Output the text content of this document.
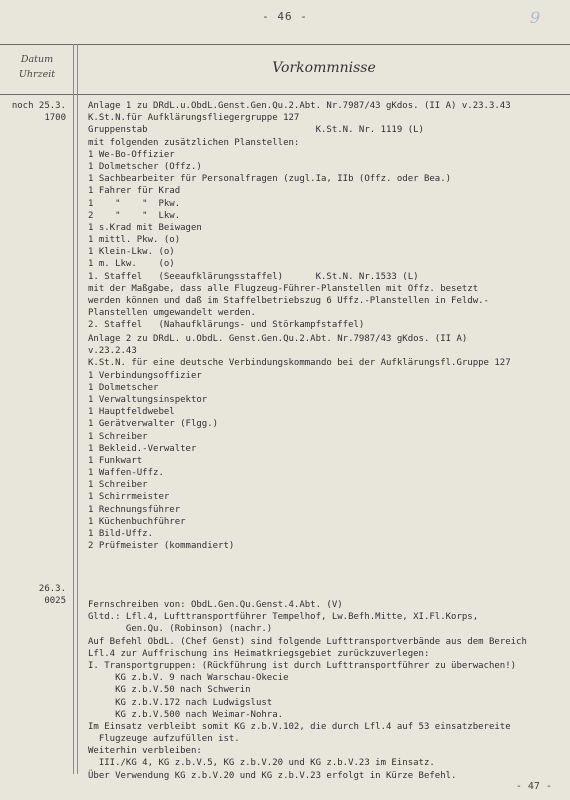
- 46 -	9
Datum
Uhrzeit	Vorkommnisse
noch 25.3.
1700
Anlage 1 zu DRdL.u.ObdL.Genst.Gen.Qu.2.Abt. Nr.7987/43 gKdos. (II A) v.23.3.43
K.St.N.für Aufklärungsfliegergruppe 127
Gruppenstab                               K.St.N. Nr. 1119 (L)
mit folgenden zusätzlichen Planstellen:
1 We-Bo-Offizier
1 Dolmetscher (Offz.)
1 Sachbearbeiter für Personalfragen (zugl.Ia, IIb (Offz. oder Bea.)
1 Fahrer für Krad
1    "    "  Pkw.
2    "    "  Lkw.
1 s.Krad mit Beiwagen
1 mittl. Pkw. (o)
1 Klein-Lkw. (o)
1 m. Lkw.    (o)
1. Staffel   (Seeaufklärungsstaffel)      K.St.N. Nr.1533 (L)
mit der Maßgabe, dass alle Flugzeug-Führer-Planstellen mit Offz. besetzt
werden können und daß im Staffelbetriebszug 6 Uffz.-Planstellen in Feldw.-
Planstellen umgewandelt werden.
2. Staffel   (Nahaufklärungs- und Störkampfstaffel)
Anlage 2 zu DRdL. u.ObdL. Genst.Gen.Qu.2.Abt. Nr.7987/43 gKdos. (II A)
v.23.2.43
K.St.N. für eine deutsche Verbindungskommando bei der Aufklärungsfl.Gruppe 127
1 Verbindungsoffizier
1 Dolmetscher
1 Verwaltungsinspektor
1 Hauptfeldwebel
1 Gerätverwalter (Flgg.)
1 Schreiber
1 Bekleid.-Verwalter
1 Funkwart
1 Waffen-Uffz.
1 Schreiber
1 Schirrmeister
1 Rechnungsführer
1 Küchenbuchführer
1 Bild-Uffz.
2 Prüfmeister (kommandiert)
26.3.
0025 Fernschreiben von: ObdL.Gen.Qu.Genst.4.Abt. (V)
Gltd.: Lfl.4, Lufttransportführer Tempelhof, Lw.Befh.Mitte, XI.Fl.Korps,
Gen.Qu. (Robinson) (nachr.)
Auf Befehl ObdL. (Chef Genst) sind folgende Lufttransportverbände aus dem Bereich
Lfl.4 zur Auffrischung ins Heimatkriegsgebiet zurückzuverlegen:
I. Transportgruppen: (Rückführung ist durch Lufttransportführer zu überwachen!)
KG z.b.V. 9 nach Warschau-Okecie
KG z.b.V.50 nach Schwerin
KG z.b.V.172 nach Ludwigslust
KG z.b.V.500 nach Weimar-Nohra.
Im Einsatz verbleibt somit KG z.b.V.102, die durch Lfl.4 auf 53 einsatzbereite
Flugzeuge aufzufüllen ist.
Weiterhin verbleiben:
III./KG 4, KG z.b.V.5, KG z.b.V.20 und KG z.b.V.23 im Einsatz.
Über Verwendung KG z.b.V.20 und KG z.b.V.23 erfolgt in Kürze Befehl.
- 47 -
